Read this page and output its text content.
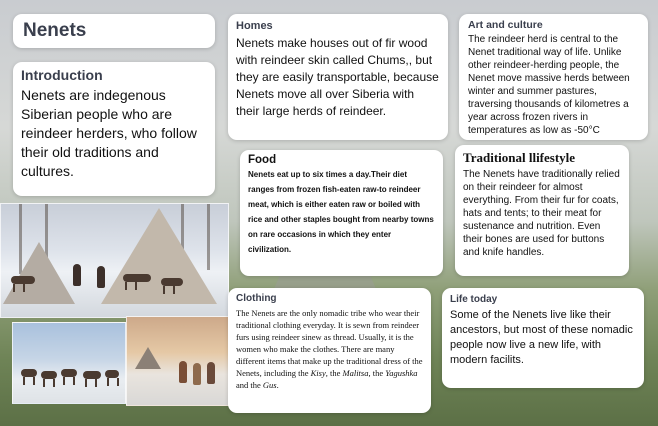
Nenets
Introduction

Nenets are indegenous Siberian people who are reindeer herders, who follow their old traditions and cultures.

Homes

Nenets make houses out of fir wood with reindeer skin called Chums,, but they are easily transportable, because Nenets move all over Siberia with their large herds of reindeer.

Art and culture

The reindeer herd is central to the Nenet traditional way of life. Unlike other reindeer-herding people, the Nenet move massive herds between winter and summer pastures, traversing thousands of kilometres a year across frozen rivers in temperatures as low as -50°C

Food

Nenets eat up to six times a day.Their diet ranges from frozen fish-eaten raw-to reindeer meat, which is either eaten raw or boiled with rice and other staples bought from nearby towns on rare occasions in which they enter civilization.

Traditional llifestyle

The Nenets have traditionally relied on their reindeer for almost everything. From their fur for coats, hats and tents; to their meat for sustenance and nutrition. Even their bones are used for buttons and knife handles.

Clothing

The Nenets are the only nomadic tribe who wear their traditional clothing everyday. It is sewn from reindeer furs using reindeer sinew as thread. Usually, it is the women who make the clothes. There are many different items that make up the traditional dress of the Nenets, including the Kisy, the Malitsa, the Yagushka and the Gus.

Life today

Some of the Nenets live like their ancestors, but most of these nomadic people now live a new life, with modern facilits.
